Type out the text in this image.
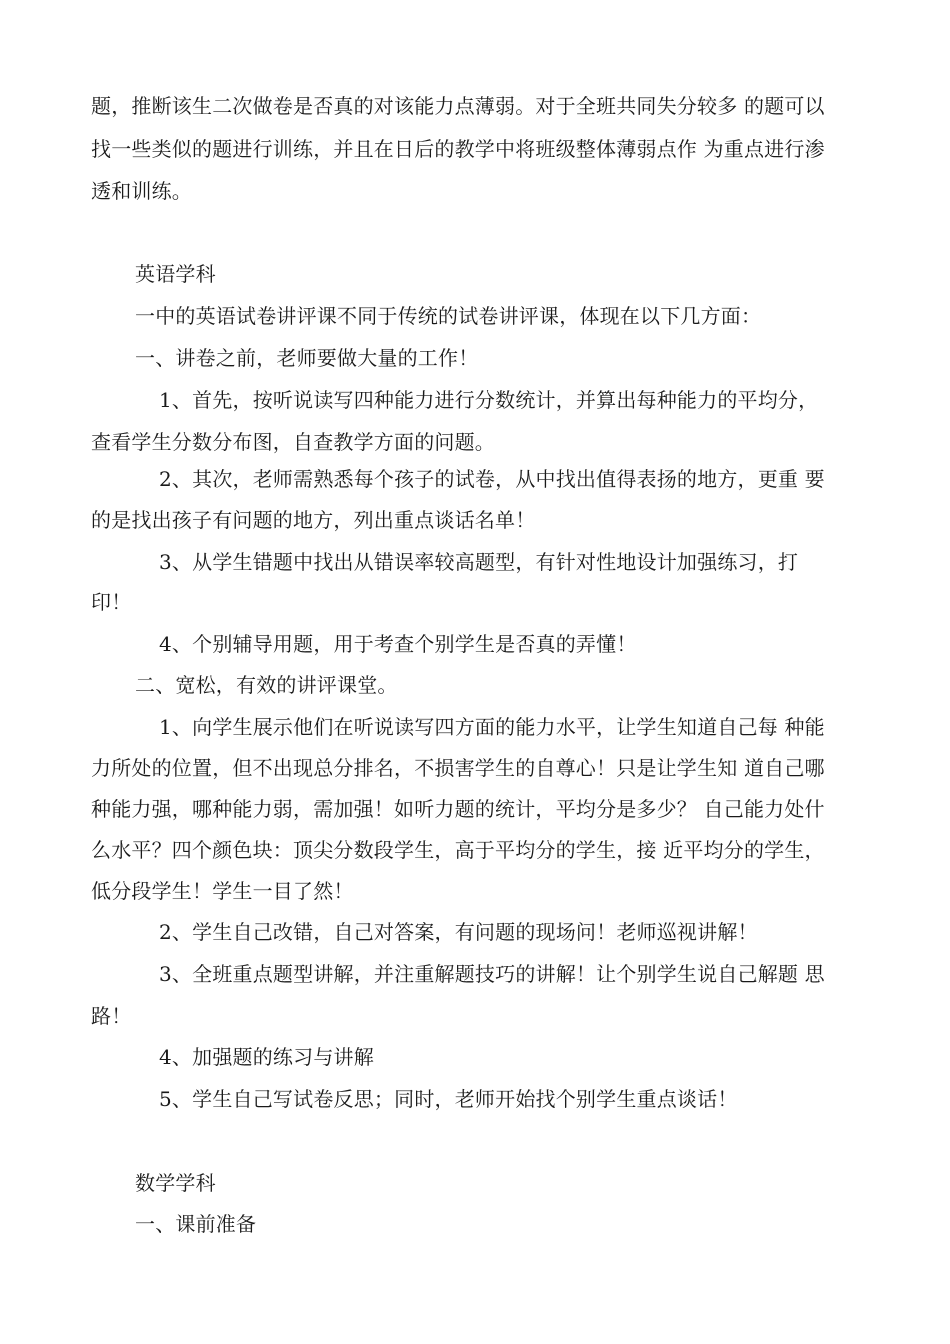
题，推断该生二次做卷是否真的对该能力点薄弱。对于全班共同失分较多 的题可以
找一些类似的题进行训练，并且在日后的教学中将班级整体薄弱点作 为重点进行渗
透和训练。
英语学科
一中的英语试卷讲评课不同于传统的试卷讲评课，体现在以下几方面：
一、讲卷之前，老师要做大量的工作！
1、首先，按听说读写四种能力进行分数统计，并算出每种能力的平均分，
查看学生分数分布图，自查教学方面的问题。
2、其次，老师需熟悉每个孩子的试卷，从中找出值得表扬的地方，更重 要
的是找出孩子有问题的地方，列出重点谈话名单！
3、从学生错题中找出从错误率较高题型，有针对性地设计加强练习，打
印！
4、个别辅导用题，用于考查个别学生是否真的弄懂！
二、宽松，有效的讲评课堂。
1、向学生展示他们在听说读写四方面的能力水平，让学生知道自己每 种能
力所处的位置，但不出现总分排名，不损害学生的自尊心！只是让学生知 道自己哪
种能力强，哪种能力弱，需加强！如听力题的统计，平均分是多少？ 自己能力处什
么水平？四个颜色块：顶尖分数段学生，高于平均分的学生，接 近平均分的学生，
低分段学生！学生一目了然！
2、学生自己改错，自己对答案，有问题的现场问！老师巡视讲解！
3、全班重点题型讲解，并注重解题技巧的讲解！让个别学生说自己解题 思
路！
4、加强题的练习与讲解
5、学生自己写试卷反思；同时，老师开始找个别学生重点谈话！
数学学科
一、课前准备
